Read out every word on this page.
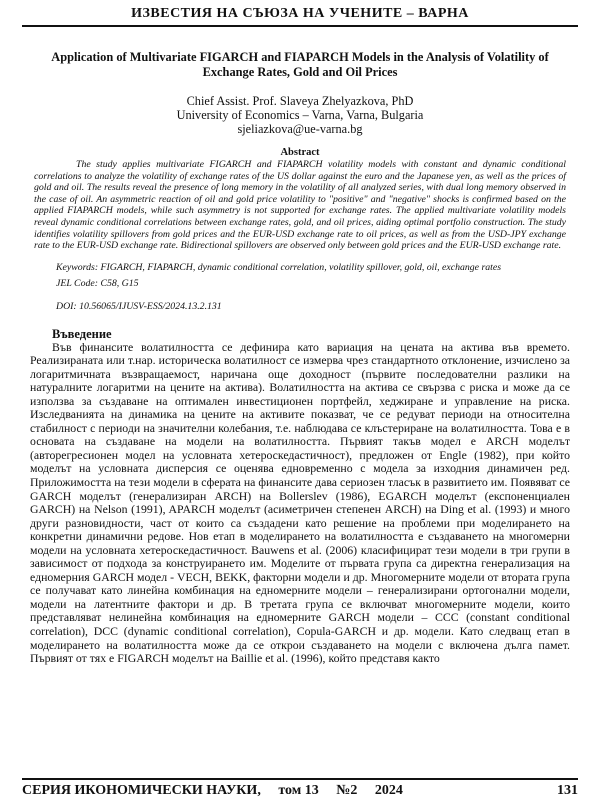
ИЗВЕСТИЯ НА СЪЮЗА НА УЧЕНИТЕ – ВАРНА
Application of Multivariate FIGARCH and FIAPARCH Models in the Analysis of Volatility of Exchange Rates, Gold and Oil Prices
Chief Assist. Prof. Slaveya Zhelyazkova, PhD
University of Economics – Varna, Varna, Bulgaria
sjeliazkova@ue-varna.bg
Abstract

The study applies multivariate FIGARCH and FIAPARCH volatility models with constant and dynamic conditional correlations to analyze the volatility of exchange rates of the US dollar against the euro and the Japanese yen, as well as the prices of gold and oil. The results reveal the presence of long memory in the volatility of all analyzed series, with dual long memory observed in the case of oil. An asymmetric reaction of oil and gold price volatility to "positive" and "negative" shocks is confirmed based on the applied FIAPARCH models, while such asymmetry is not supported for exchange rates. The applied multivariate volatility models reveal dynamic conditional correlations between exchange rates, gold, and oil prices, aiding optimal portfolio construction. The study identifies volatility spillovers from gold prices and the EUR-USD exchange rate to oil prices, as well as from the USD-JPY exchange rate to the EUR-USD exchange rate. Bidirectional spillovers are observed only between gold prices and the EUR-USD exchange rate.

Keywords: FIGARCH, FIAPARCH, dynamic conditional correlation, volatility spillover, gold, oil, exchange rates

JEL Code: C58, G15

DOI: 10.56065/IJUSV-ESS/2024.13.2.131

Въведение

Във финансите волатилността се дефинира като вариация на цената на актива във времето. Реализираната или т.нар. историческа волатилност се измерва чрез стандартното отклонение, изчислено за логаритмичната възвращаемост, наричана още доходност (първите последователни разлики на натуралните логаритми на цените на актива). Волатилността на актива се свързва с риска и може да се използва за създаване на оптимален инвестиционен портфейл, хеджиране и управление на риска. Изследванията на динамика на цените на активите показват, че се редуват периоди на относителна стабилност с периоди на значителни колебания, т.е. наблюдава се клъстериране на волатилността. Това е в основата на създаване на модели на волатилността. Първият такъв модел е ARCH моделът (авторегресионен модел на условната хетероскедастичност), предложен от Engle (1982), при който моделът на условната дисперсия се оценява едновременно с модела за изходния динамичен ред. Приложимостта на тези модели в сферата на финансите дава сериозен тласък в развитието им. Появяват се GARCH моделът (генерализиран ARCH) на Bollerslev (1986), EGARCH моделът (експоненциален GARCH) на Nelson (1991), APARCH моделът (асиметричен степенен ARCH) на Ding et al. (1993) и много други разновидности, част от които са създадени като решение на проблеми при моделирането на конкретни динамични редове. Нов етап в моделирането на волатилността е създаването на многомерни модели на условната хетероскедастичност. Bauwens et al. (2006) класифицират тези модели в три групи в зависимост от подхода за конструирането им. Моделите от първата група са директна генерализация на едномерния GARCH модел - VECH, BEKK, факторни модели и др. Многомерните модели от втората група се получават като линейна комбинация на едномерните модели – генерализирани ортогонални модели, модели на латентните фактори и др. В третата група се включват многомерните модели, които представляват нелинейна комбинация на едномерните GARCH модели – CCC (constant conditional correlation), DCC (dynamic conditional correlation), Copula-GARCH и др. модели. Като следващ етап в моделирането на волатилността може да се открои създаването на модели с включена дълга памет. Първият от тях е FIGARCH моделът на Baillie et al. (1996), който представя както

СЕРИЯ ИКОНОМИЧЕСКИ НАУКИ, том 13 №2 2024	131
